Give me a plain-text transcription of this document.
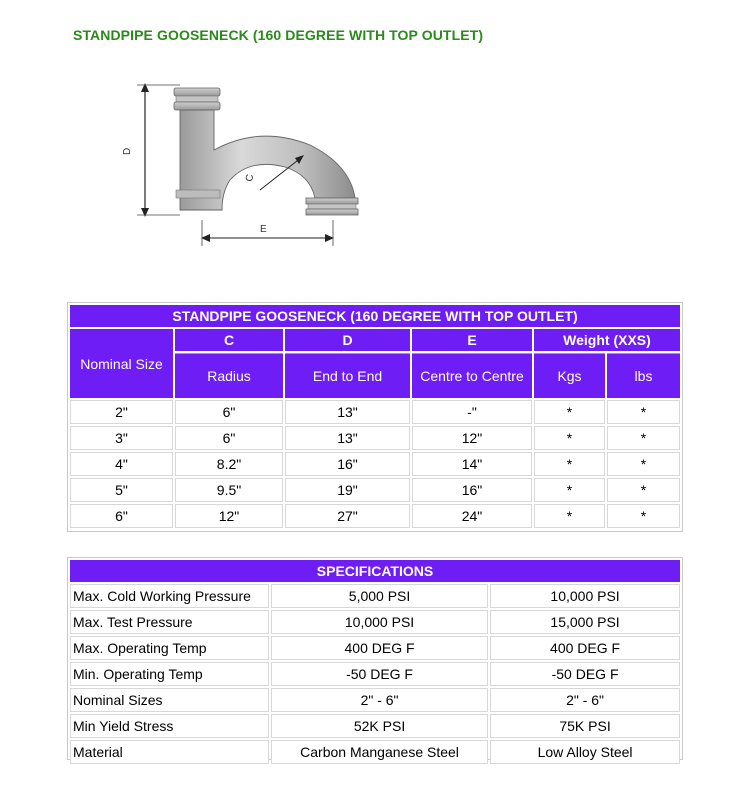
STANDPIPE GOOSENECK (160 DEGREE WITH TOP OUTLET)
D
C
E
STANDPIPE GOOSENECK (160 DEGREE WITH TOP OUTLET)					
Nominal Size	C	D	E	Weight (XXS)	
	Radius	End to End	Centre to Centre	Kgs	lbs
2"	6"	13"	-"	*	*
3"	6"	13"	12"	*	*
4"	8.2"	16"	14"	*	*
5"	9.5"	19"	16"	*	*
6"	12"	27"	24"	*	*
SPECIFICATIONS		
Max. Cold Working Pressure	5,000 PSI	10,000 PSI
Max. Test Pressure	10,000 PSI	15,000 PSI
Max. Operating Temp	400 DEG F	400 DEG F
Min. Operating Temp	-50 DEG F	-50 DEG F
Nominal Sizes	2" - 6"	2" - 6"
Min Yield Stress	52K PSI	75K PSI
Material	Carbon Manganese Steel	Low Alloy Steel
